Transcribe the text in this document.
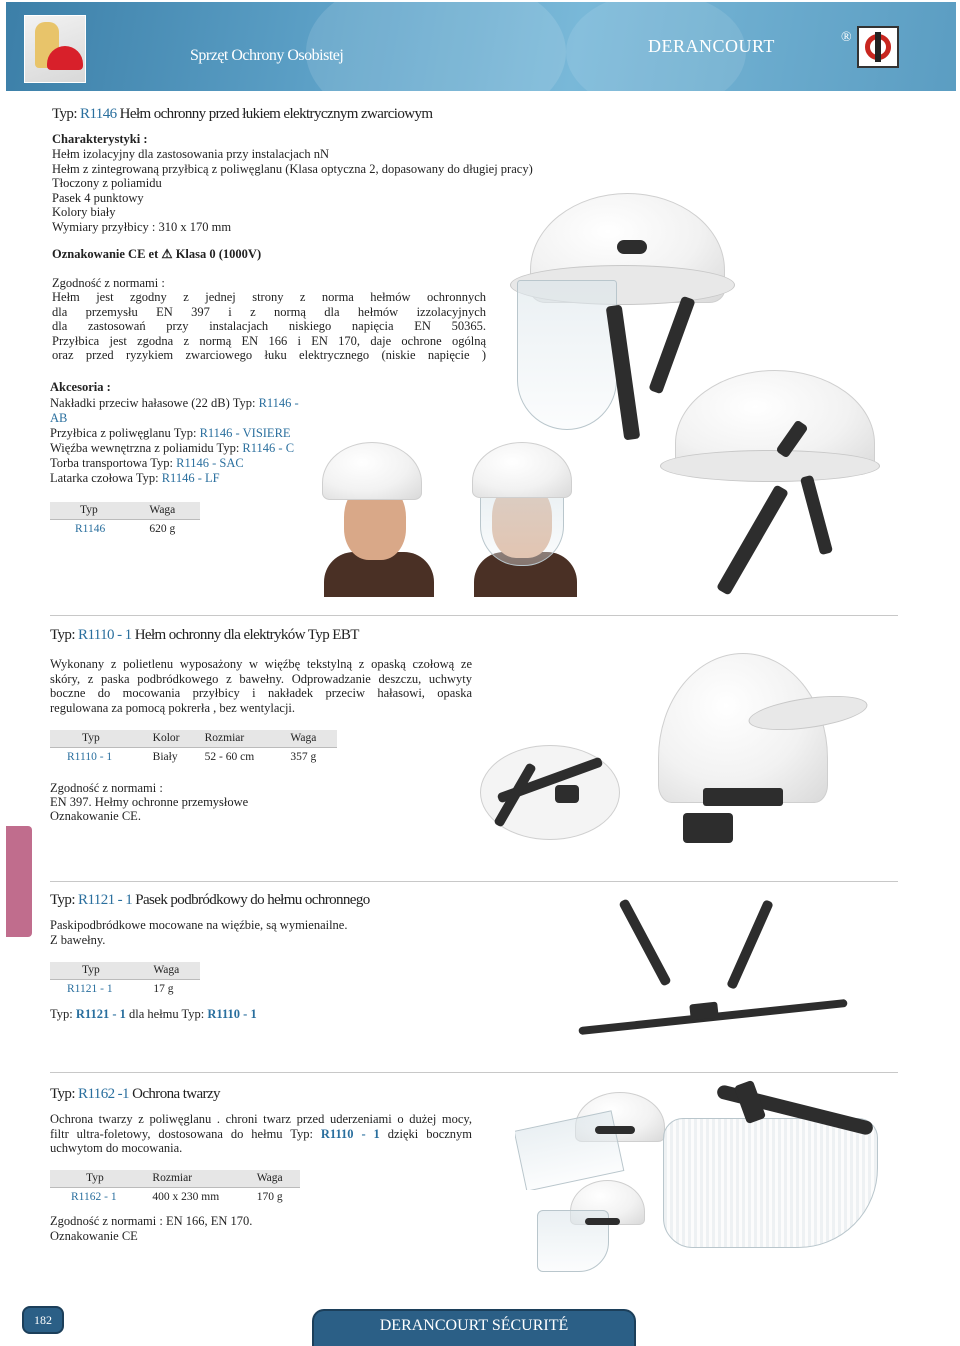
Sprzęt Ochrony Osobistej	DERANCOURT	®
Typ: R1146 Hełm ochronny przed łukiem elektrycznym zwarciowym
Charakterystyki :
Hełm izolacyjny dla zastosowania przy instalacjach nN
Hełm z zintegrowaną przyłbicą z poliwęglanu (Klasa optyczna 2, dopasowany do długiej pracy)
Tłoczony z poliamidu
Pasek 4 punktowy
Kolory biały
Wymiary przyłbicy : 310 x 170 mm
Oznakowanie CE et ⚠ Klasa 0 (1000V)
Zgodność z normami :
Hełm jest zgodny z jednej strony z norma hełmów ochronnych
dla przemysłu EN 397 i z normą dla hełmów izzolacyjnych
dla zastosowań przy instalacjach niskiego napięcia EN 50365.
Przyłbica jest zgodna z normą EN 166 i EN 170, daje ochrone ogólną
oraz przed ryzykiem zwarciowego łuku elektrycznego (niskie napięcie )
Akcesoria :
Nakładki przeciw hałasowe (22 dB) Typ: R1146 -
AB
Przyłbica z poliwęglanu Typ: R1146 - VISIERE
Więźba wewnętrzna z poliamidu Typ: R1146 - C
Torba transportowa Typ: R1146 - SAC
Latarka czołowa Typ: R1146 - LF
Typ	Waga
R1146	620 g
Typ: R1110 - 1 Hełm ochronny dla elektryków Typ EBT
Wykonany z polietlenu wyposażony w więźbę tekstylną z opaską czołową ze
skóry, z paska podbródkowego z bawełny. Odprowadzanie deszczu, uchwyty
boczne do mocowania przyłbicy i nakładek przeciw hałasowi, opaska
regulowana za pomocą pokrerła , bez wentylacji.
Typ	Kolor	Rozmiar	Waga
R1110 - 1	Biały	52 - 60 cm	357 g
Zgodność z normami :
EN 397. Hełmy ochronne przemysłowe
Oznakowanie CE.
Typ: R1121 - 1 Pasek podbródkowy do hełmu ochronnego
Paskipodbródkowe mocowane na więźbie, są wymienailne.
Z bawełny.
Typ	Waga
R1121 - 1	17 g
Typ: R1121 - 1 dla hełmu Typ: R1110 - 1
Typ: R1162 -1 Ochrona twarzy
Ochrona twarzy z poliwęglanu . chroni twarz przed uderzeniami o dużej mocy,
filtr ultra-foletowy, dostosowana do hełmu Typ: R1110 - 1 dzięki bocznym
uchwytom do mocowania.
Typ	Rozmiar	Waga
R1162 - 1	400 x 230 mm	170 g
Zgodność z normami : EN 166, EN 170.
Oznakowanie CE
182	DERANCOURT SÉCURITÉ
